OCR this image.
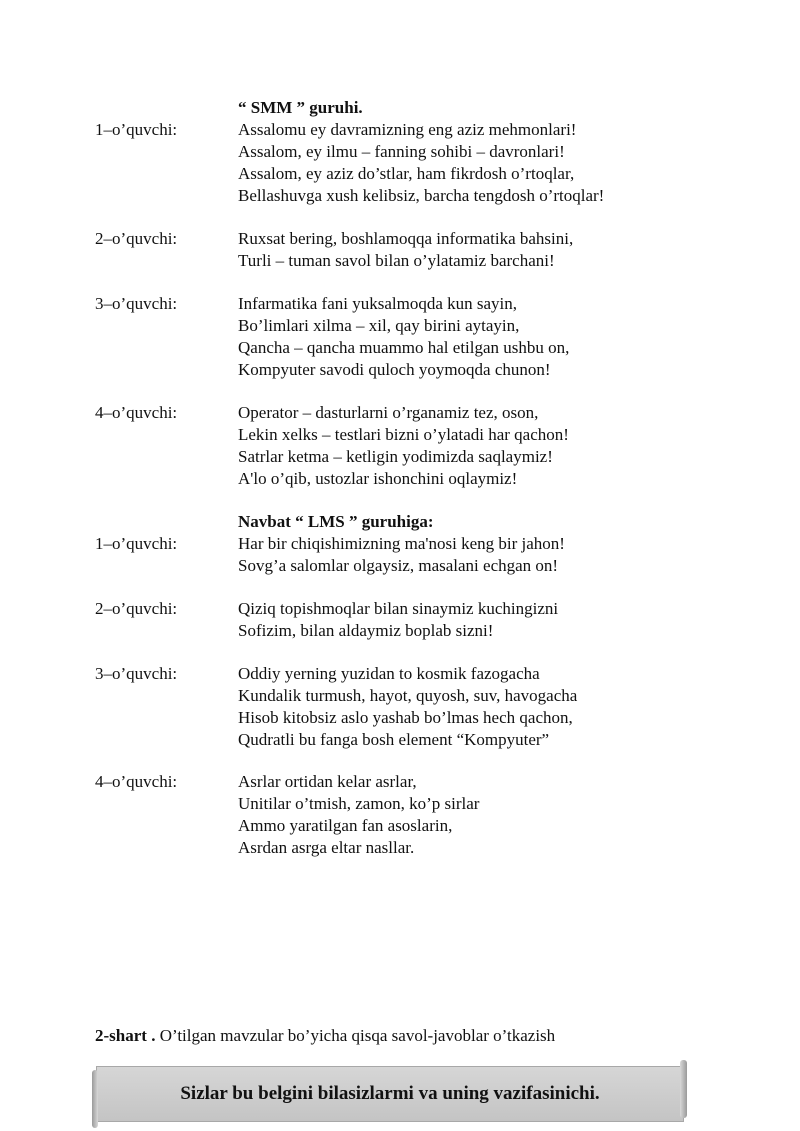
“ SMM ” guruhi.
1–o’quvchi:	Assalomu ey davramizning eng aziz mehmonlari!
Assalom, ey ilmu – fanning sohibi – davronlari!
Assalom, ey aziz do’stlar, ham fikrdosh o’rtoqlar,
Bellashuvga xush kelibsiz, barcha tengdosh o’rtoqlar!
2–o’quvchi:	Ruxsat bering, boshlamoqqa informatika bahsini,
Turli – tuman savol bilan o’ylatamiz barchani!
3–o’quvchi:	Infarmatika fani yuksalmoqda kun sayin,
Bo’limlari xilma – xil, qay birini aytayin,
Qancha – qancha muammo hal etilgan ushbu on,
Kompyuter savodi quloch yoymoqda chunon!
4–o’quvchi:	Operator – dasturlarni o’rganamiz tez, oson,
Lekin xelks – testlari bizni o’ylatadi har qachon!
Satrlar ketma – ketligin yodimizda saqlaymiz!
A'lo o’qib, ustozlar ishonchini oqlaymiz!
Navbat “ LMS ” guruhiga:
1–o’quvchi:	Har bir chiqishimizning ma'nosi keng bir jahon!
Sovg’a salomlar olgaysiz, masalani echgan on!
2–o’quvchi:	Qiziq topishmoqlar bilan sinaymiz kuchingizni
Sofizim, bilan aldaymiz boplab sizni!
3–o’quvchi:	Oddiy yerning yuzidan to kosmik fazogacha
Kundalik turmush, hayot, quyosh, suv, havogacha
Hisob kitobsiz aslo yashab bo’lmas hech qachon,
Qudratli bu fanga bosh element “Kompyuter”
4–o’quvchi:	Asrlar ortidan kelar asrlar,
Unitilar o’tmish, zamon, ko’p sirlar
Ammo yaratilgan fan asoslarin,
Asrdan asrga eltar nasllar.
2-shart . O’tilgan mavzular bo’yicha qisqa savol-javoblar o’tkazish
Sizlar bu belgini bilasizlarmi va uning vazifasinichi.
